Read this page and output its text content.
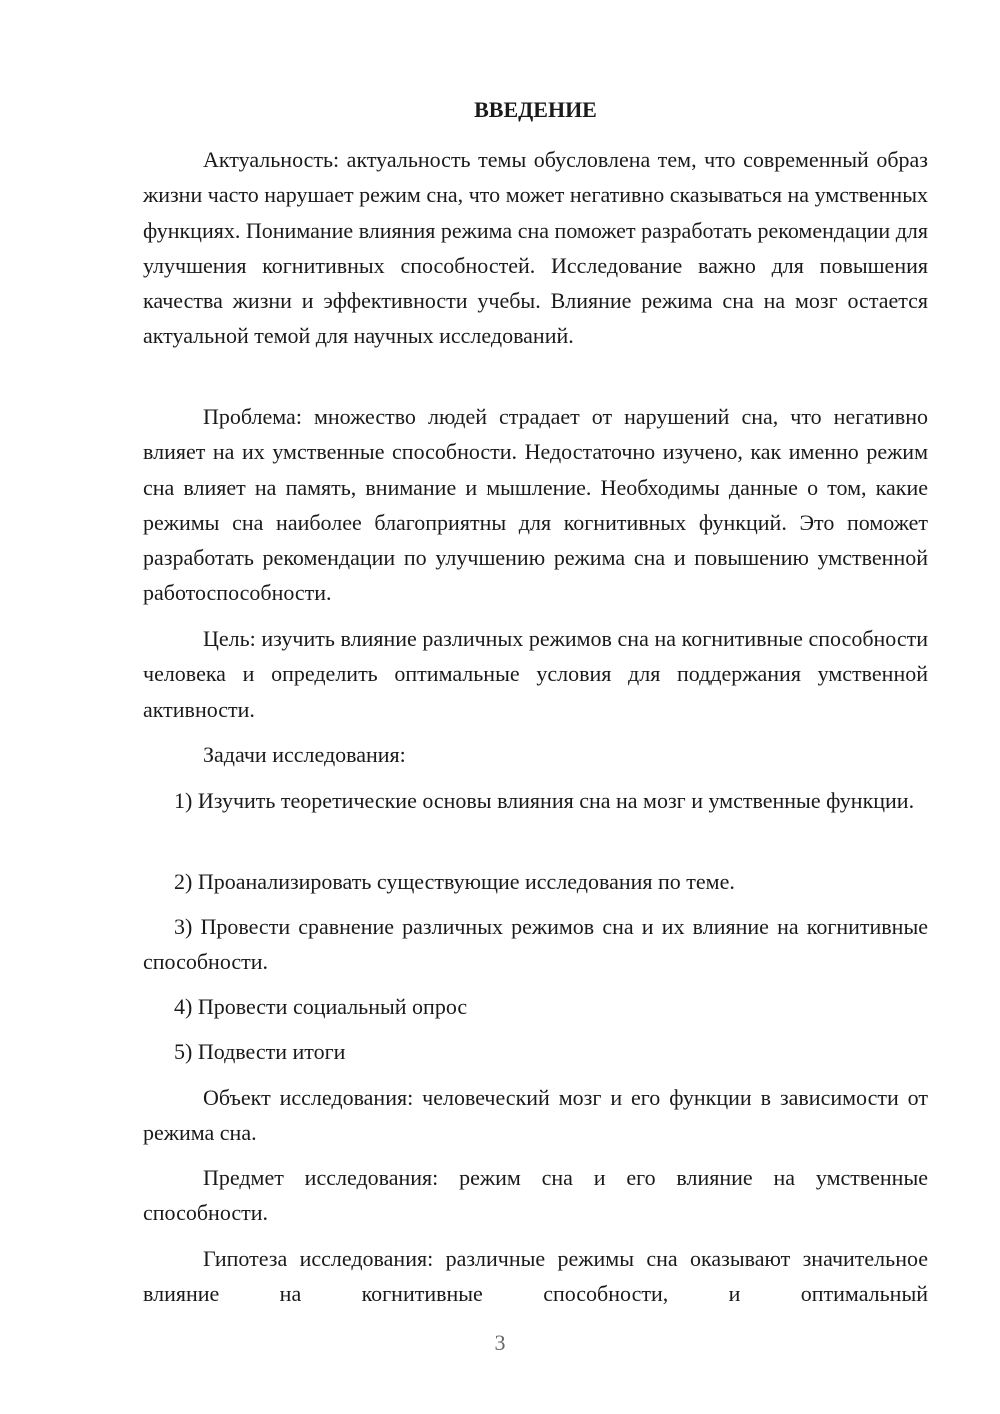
ВВЕДЕНИЕ

Актуальность: актуальность темы обусловлена тем, что современный образ жизни часто нарушает режим сна, что может негативно сказываться на умственных функциях. Понимание влияния режима сна поможет разработать рекомендации для улучшения когнитивных способностей. Исследование важно для повышения качества жизни и эффективности учебы. Влияние режима сна на мозг остается актуальной темой для научных исследований.

Проблема: множество людей страдает от нарушений сна, что негативно влияет на их умственные способности. Недостаточно изучено, как именно режим сна влияет на память, внимание и мышление. Необходимы данные о том, какие режимы сна наиболее благоприятны для когнитивных функций. Это поможет разработать рекомендации по улучшению режима сна и повышению умственной работоспособности.

Цель: изучить влияние различных режимов сна на когнитивные способности человека и определить оптимальные условия для поддержания умственной активности.

Задачи исследования:

1) Изучить теоретические основы влияния сна на мозг и умственные функции.

2) Проанализировать существующие исследования по теме.

3) Провести сравнение различных режимов сна и их влияние на когнитивные способности.

4) Провести социальный опрос

5) Подвести итоги

Объект исследования: человеческий мозг и его функции в зависимости от режима сна.

Предмет исследования: режим сна и его влияние на умственные способности.

Гипотеза исследования: различные режимы сна оказывают значительное влияние на когнитивные способности, и оптимальный

3
